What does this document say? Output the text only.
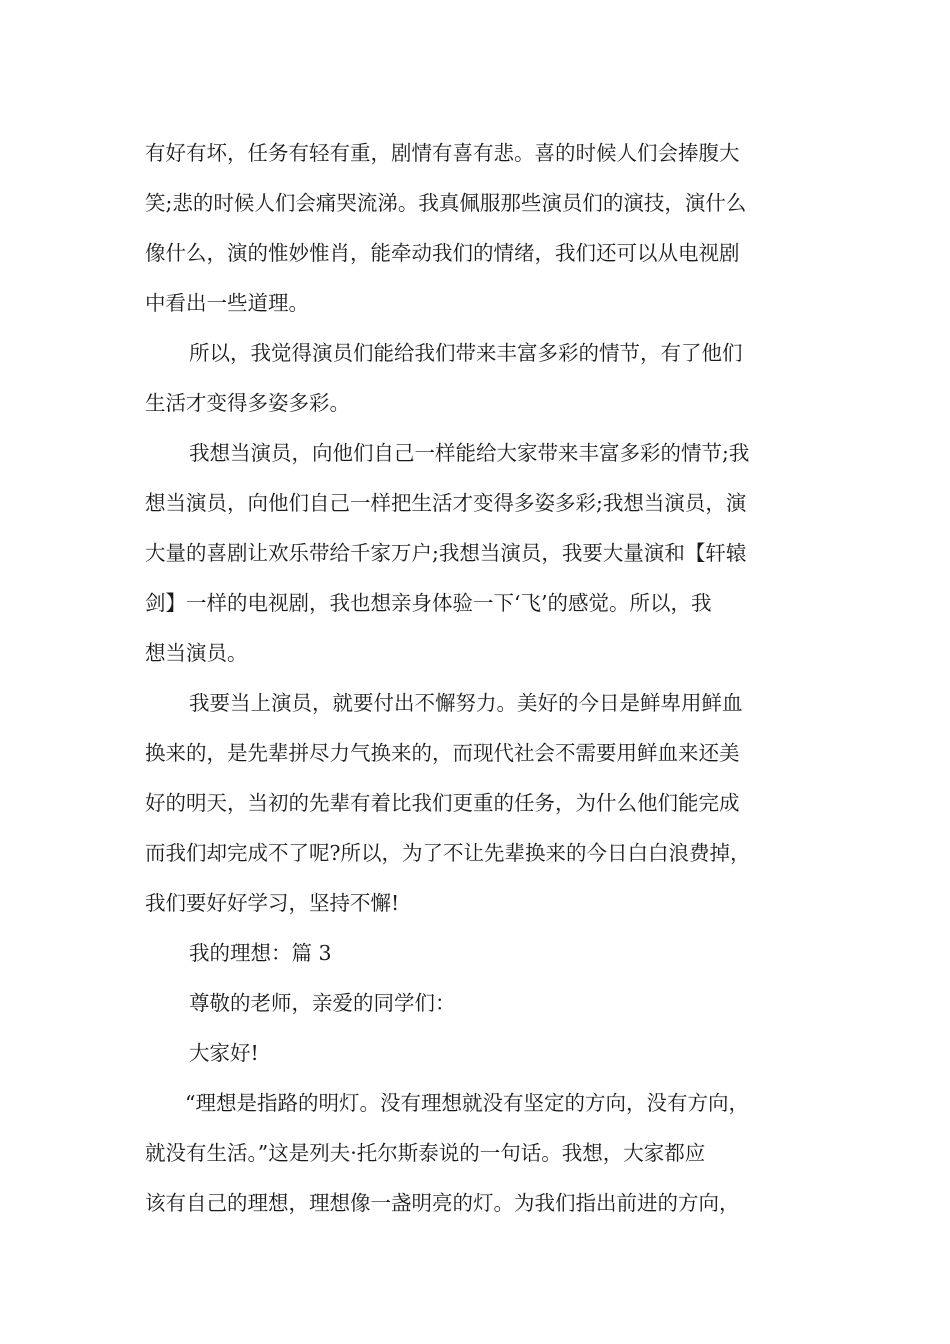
有好有坏，任务有轻有重，剧情有喜有悲。喜的时候人们会捧腹大
笑;悲的时候人们会痛哭流涕。我真佩服那些演员们的演技，演什么
像什么，演的惟妙惟肖，能牵动我们的情绪，我们还可以从电视剧
中看出一些道理。

所以，我觉得演员们能给我们带来丰富多彩的情节，有了他们
生活才变得多姿多彩。

我想当演员，向他们自己一样能给大家带来丰富多彩的情节;我
想当演员，向他们自己一样把生活才变得多姿多彩;我想当演员，演
大量的喜剧让欢乐带给千家万户;我想当演员，我要大量演和【轩辕
剑】一样的电视剧，我也想亲身体验一下‘飞’的感觉。所以，我
想当演员。

我要当上演员，就要付出不懈努力。美好的今日是鲜卑用鲜血
换来的，是先辈拼尽力气换来的，而现代社会不需要用鲜血来还美
好的明天，当初的先辈有着比我们更重的任务，为什么他们能完成
而我们却完成不了呢?所以，为了不让先辈换来的今日白白浪费掉，
我们要好好学习，坚持不懈!

我的理想：篇 3

尊敬的老师，亲爱的同学们：

大家好!

“理想是指路的明灯。没有理想就没有坚定的方向，没有方向，
就没有生活。”这是列夫·托尔斯泰说的一句话。我想，大家都应
该有自己的理想，理想像一盏明亮的灯。为我们指出前进的方向，
